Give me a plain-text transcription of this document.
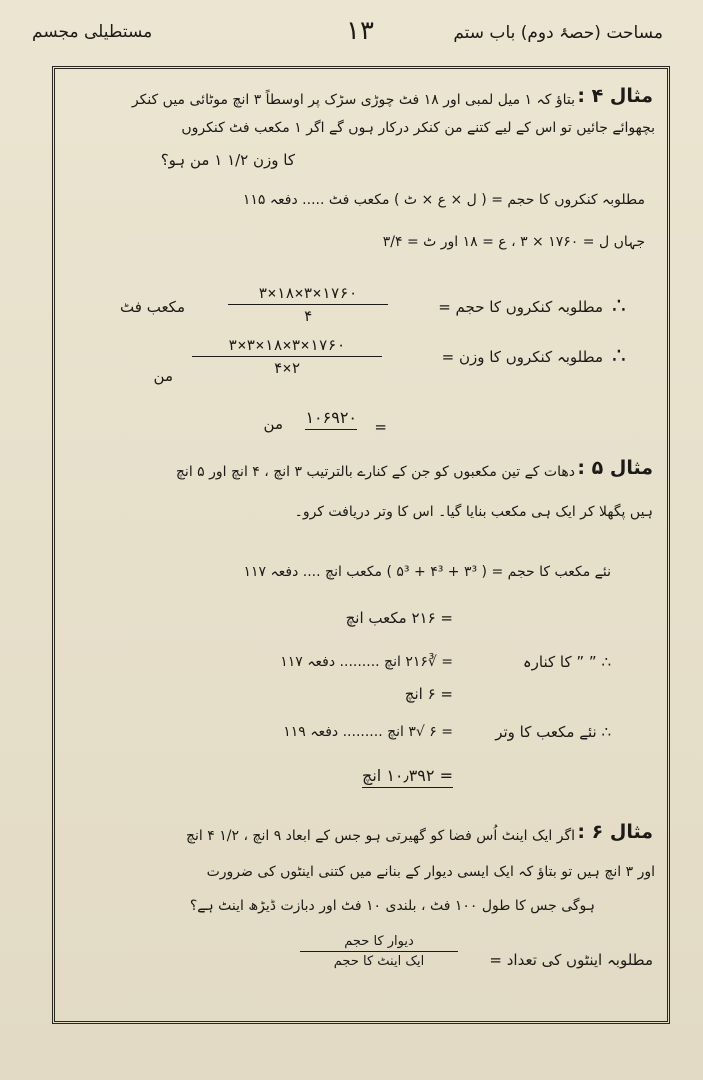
مستطیلی مجسم	۱۳	مساحت (حصۂ دوم) باب ستم
مثال ۴ :
بتاؤ کہ ۱ میل لمبی اور ۱۸ فٹ چوڑی سڑک پر اوسطاً ۳ انچ موٹائی میں کنکر
بچھوائے جائیں تو اس کے لیے کتنے من کنکر درکار ہوں گے اگر ۱ مکعب فٹ کنکروں
کا وزن ۱/۲ ۱ من ہو؟
مطلوبہ کنکروں کا حجم = ( ل × ع × ٹ ) مکعب فٹ ..... دفعہ ۱۱۵
جہاں ل = ۱۷۶۰ × ۳ ، ع = ۱۸ اور ٹ = ۳/۴
∴
مطلوبہ کنکروں کا حجم =
۳×۱۸×۳×۱۷۶۰
۴
مکعب فٹ
∴
مطلوبہ کنکروں کا وزن =
۳×۳×۱۸×۳×۱۷۶۰
۴×۲
من
=
۱۰۶۹۲۰
من
مثال ۵ :
دھات کے تین مکعبوں کو جن کے کنارے بالترتیب ۳ انچ ، ۴ انچ اور ۵ انچ
ہیں پگھلا کر ایک ہی مکعب بنایا گیا۔ اس کا وتر دریافت کرو۔
نئے مکعب کا حجم = ( ۳³ + ۴³ + ۵³ ) مکعب انچ .... دفعہ ۱۱۷
= ۲۱۶ مکعب انچ
∴ ” ” کا کنارہ
= ∛۲۱۶ انچ ......... دفعہ ۱۱۷
= ۶ انچ
∴ نئے مکعب کا وتر
= ۶ √۳ انچ ......... دفعہ ۱۱۹
= ۱۰٫۳۹۲ انچ
مثال ۶ :
اگر ایک اینٹ اُس فضا کو گھیرتی ہو جس کے ابعاد ۹ انچ ، ۱/۲ ۴ انچ
اور ۳ انچ ہیں تو بتاؤ کہ ایک ایسی دیوار کے بنانے میں کتنی اینٹوں کی ضرورت
ہوگی جس کا طول ۱۰۰ فٹ ، بلندی ۱۰ فٹ اور دبازت ڈیڑھ اینٹ ہے؟
مطلوبہ اینٹوں کی تعداد =
دیوار کا حجم
ایک اینٹ کا حجم
